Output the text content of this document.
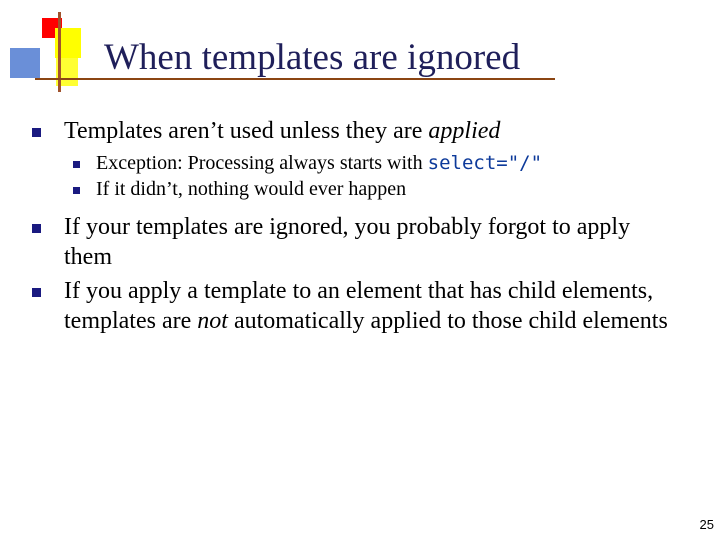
When templates are ignored
Templates aren’t used unless they are applied
Exception: Processing always starts with select="/"
If it didn’t, nothing would ever happen
If your templates are ignored, you probably forgot to apply them
If you apply a template to an element that has child elements, templates are not automatically applied to those child elements
25
